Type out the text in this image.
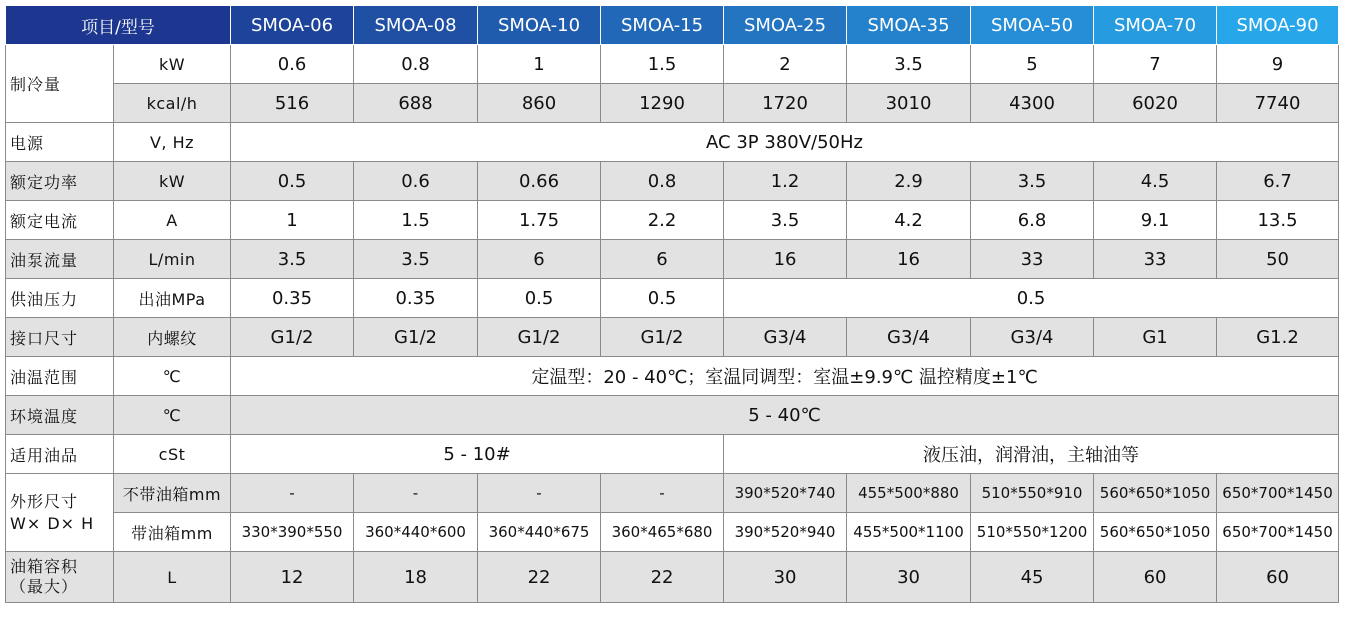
项目/型号		SMOA-06	SMOA-08	SMOA-10	SMOA-15	SMOA-25	SMOA-35	SMOA-50	SMOA-70	SMOA-90
制冷量	kW	0.6	0.8	1	1.5	2	3.5	5	7	9
	kcal/h	516	688	860	1290	1720	3010	4300	6020	7740
电源	V, Hz	AC 3P 380V/50Hz								
额定功率	kW	0.5	0.6	0.66	0.8	1.2	2.9	3.5	4.5	6.7
额定电流	A	1	1.5	1.75	2.2	3.5	4.2	6.8	9.1	13.5
油泵流量	L/min	3.5	3.5	6	6	16	16	33	33	50
供油压力	出油MPa	0.35	0.35	0.5	0.5	0.5				
接口尺寸	内螺纹	G1/2	G1/2	G1/2	G1/2	G3/4	G3/4	G3/4	G1	G1.2
油温范围	℃	定温型：20 - 40℃；室温同调型：室温±9.9℃ 温控精度±1℃								
环境温度	℃	5 - 40℃								
适用油品	cSt	5 - 10#				液压油，润滑油，主轴油等				

外形尺寸
W× D× H	不带油箱mm	-	-	-	-	390*520*740	455*500*880	510*550*910	560*650*1050	650*700*1450
	带油箱mm	330*390*550	360*440*600	360*440*675	360*465*680	390*520*940	455*500*1100	510*550*1200	560*650*1050	650*700*1450

油箱容积
（最大）	L	12	18	22	22	30	30	45	60	60
